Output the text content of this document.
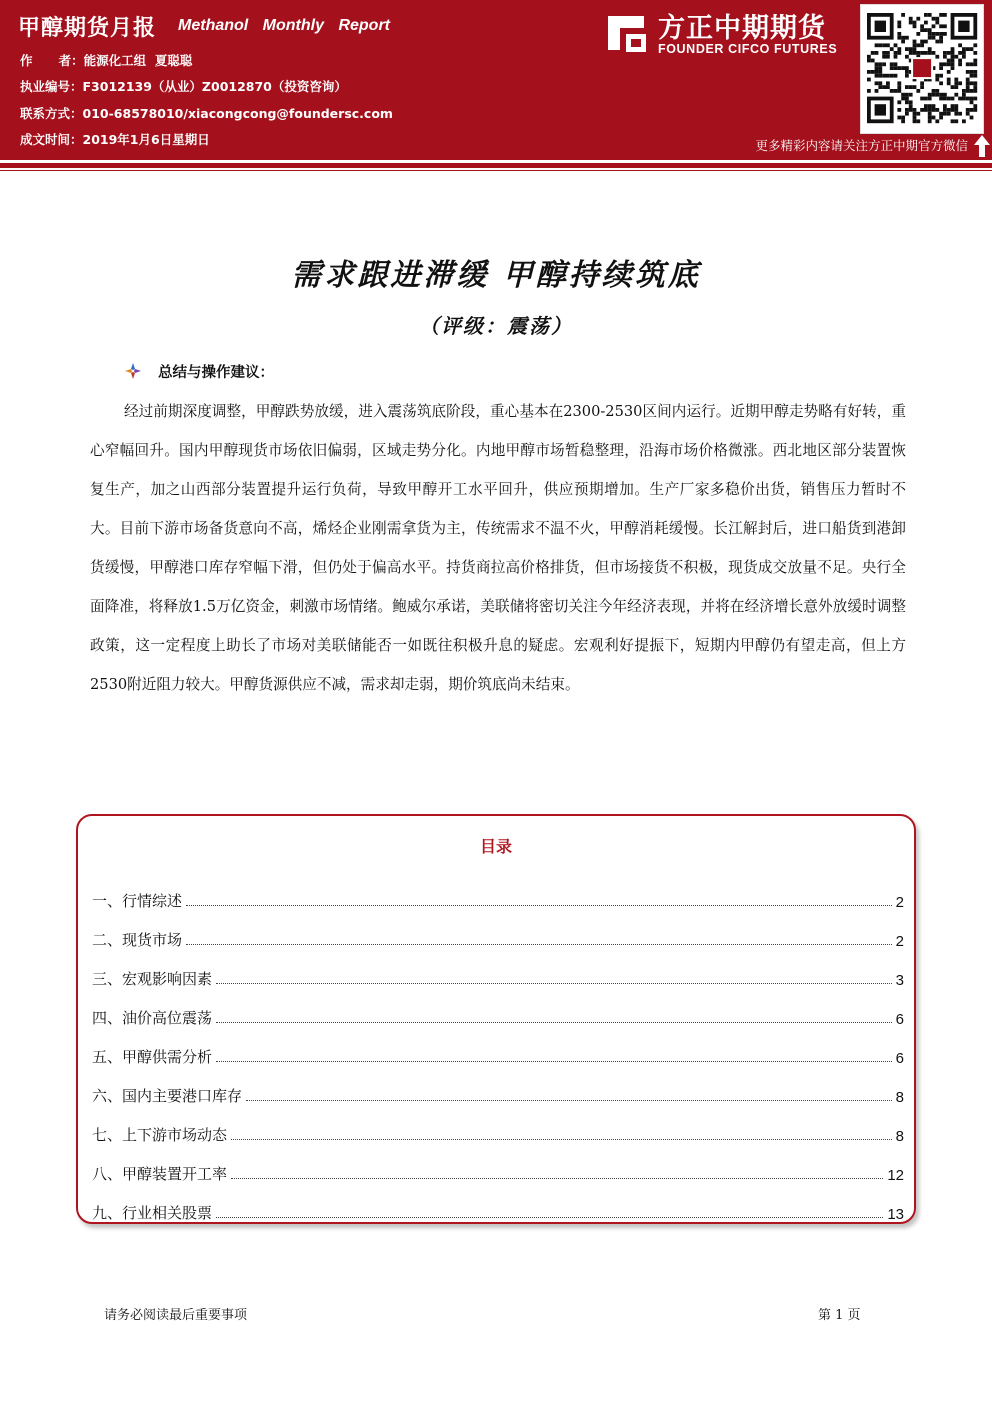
甲醇期货月报 Methanol Monthly Report
作      者：能源化工组  夏聪聪
执业编号：F3012139（从业）Z0012870（投资咨询）
联系方式：010-68578010/xiacongcong@foundersc.com
成文时间：2019年1月6日星期日
方正中期期货
FOUNDER CIFCO FUTURES
更多精彩内容请关注方正中期官方微信
需求跟进滞缓 甲醇持续筑底
（评级：震荡）
总结与操作建议：

经过前期深度调整，甲醇跌势放缓，进入震荡筑底阶段，重心基本在2300-2530区间内运行。近期甲醇走势略有好转，重心窄幅回升。国内甲醇现货市场依旧偏弱，区域走势分化。内地甲醇市场暂稳整理，沿海市场价格微涨。西北地区部分装置恢复生产，加之山西部分装置提升运行负荷，导致甲醇开工水平回升，供应预期增加。生产厂家多稳价出货，销售压力暂时不大。目前下游市场备货意向不高，烯烃企业刚需拿货为主，传统需求不温不火，甲醇消耗缓慢。长江解封后，进口船货到港卸货缓慢，甲醇港口库存窄幅下滑，但仍处于偏高水平。持货商拉高价格排货，但市场接货不积极，现货成交放量不足。央行全面降准，将释放1.5万亿资金，刺激市场情绪。鲍威尔承诺，美联储将密切关注今年经济表现，并将在经济增长意外放缓时调整政策，这一定程度上助长了市场对美联储能否一如既往积极升息的疑虑。宏观利好提振下，短期内甲醇仍有望走高，但上方2530附近阻力较大。甲醇货源供应不减，需求却走弱，期价筑底尚未结束。

目录
一、行情综述	2
二、现货市场	2
三、宏观影响因素	3
四、油价高位震荡	6
五、甲醇供需分析	6
六、国内主要港口库存	8
七、上下游市场动态	8
八、甲醇装置开工率	12
九、行业相关股票	13
请务必阅读最后重要事项	第 1 页
